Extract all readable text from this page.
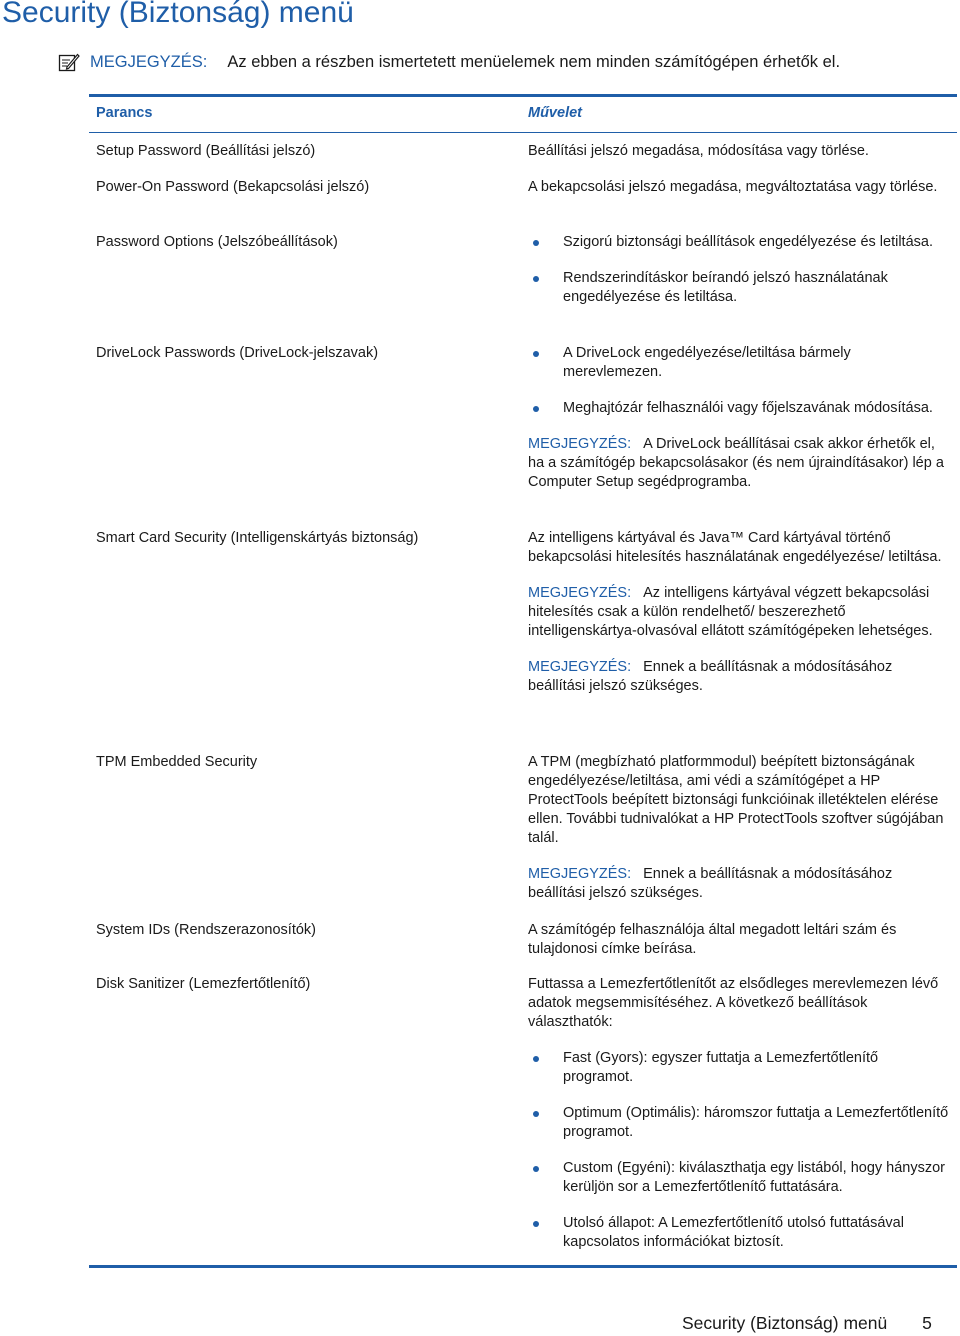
Security (Biztonság) menü
MEGJEGYZÉS: Az ebben a részben ismertetett menüelemek nem minden számítógépen érhetők el.
Parancs	Művelet
Setup Password (Beállítási jelszó)	Beállítási jelszó megadása, módosítása vagy törlése.
Power-On Password (Bekapcsolási jelszó)	A bekapcsolási jelszó megadása, megváltoztatása vagy törlése.
Password Options (Jelszóbeállítások)	Szigorú biztonsági beállítások engedélyezése és letiltása.
Rendszerindításkor beírandó jelszó használatának engedélyezése és letiltása.
DriveLock Passwords (DriveLock-jelszavak)	A DriveLock engedélyezése/letiltása bármely merevlemezen.
Meghajtózár felhasználói vagy főjelszavának módosítása.

MEGJEGYZÉS: A DriveLock beállításai csak akkor érhetők el, ha a számítógép bekapcsolásakor (és nem újraindításakor) lép a Computer Setup segédprogramba.

Smart Card Security (Intelligenskártyás biztonság)	Az intelligens kártyával és Java™ Card kártyával történő bekapcsolási hitelesítés használatának engedélyezése/ letiltása.

MEGJEGYZÉS: Az intelligens kártyával végzett bekapcsolási hitelesítés csak a külön rendelhető/ beszerezhető intelligenskártya-olvasóval ellátott számítógépeken lehetséges.

MEGJEGYZÉS: Ennek a beállításnak a módosításához beállítási jelszó szükséges.

TPM Embedded Security	A TPM (megbízható platformmodul) beépített biztonságának engedélyezése/letiltása, ami védi a számítógépet a HP ProtectTools beépített biztonsági funkcióinak illetéktelen elérése ellen. További tudnivalókat a HP ProtectTools szoftver súgójában talál.

MEGJEGYZÉS: Ennek a beállításnak a módosításához beállítási jelszó szükséges.

System IDs (Rendszerazonosítók)	A számítógép felhasználója által megadott leltári szám és tulajdonosi címke beírása.
Disk Sanitizer (Lemezfertőtlenítő)	Futtassa a Lemezfertőtlenítőt az elsődleges merevlemezen lévő adatok megsemmisítéséhez. A következő beállítások választhatók:

Fast (Gyors): egyszer futtatja a Lemezfertőtlenítő programot.
Optimum (Optimális): háromszor futtatja a Lemezfertőtlenítő programot.
Custom (Egyéni): kiválaszthatja egy listából, hogy hányszor kerüljön sor a Lemezfertőtlenítő futtatására.
Utolsó állapot: A Lemezfertőtlenítő utolsó futtatásával kapcsolatos információkat biztosít.
Security (Biztonság) menü 5
